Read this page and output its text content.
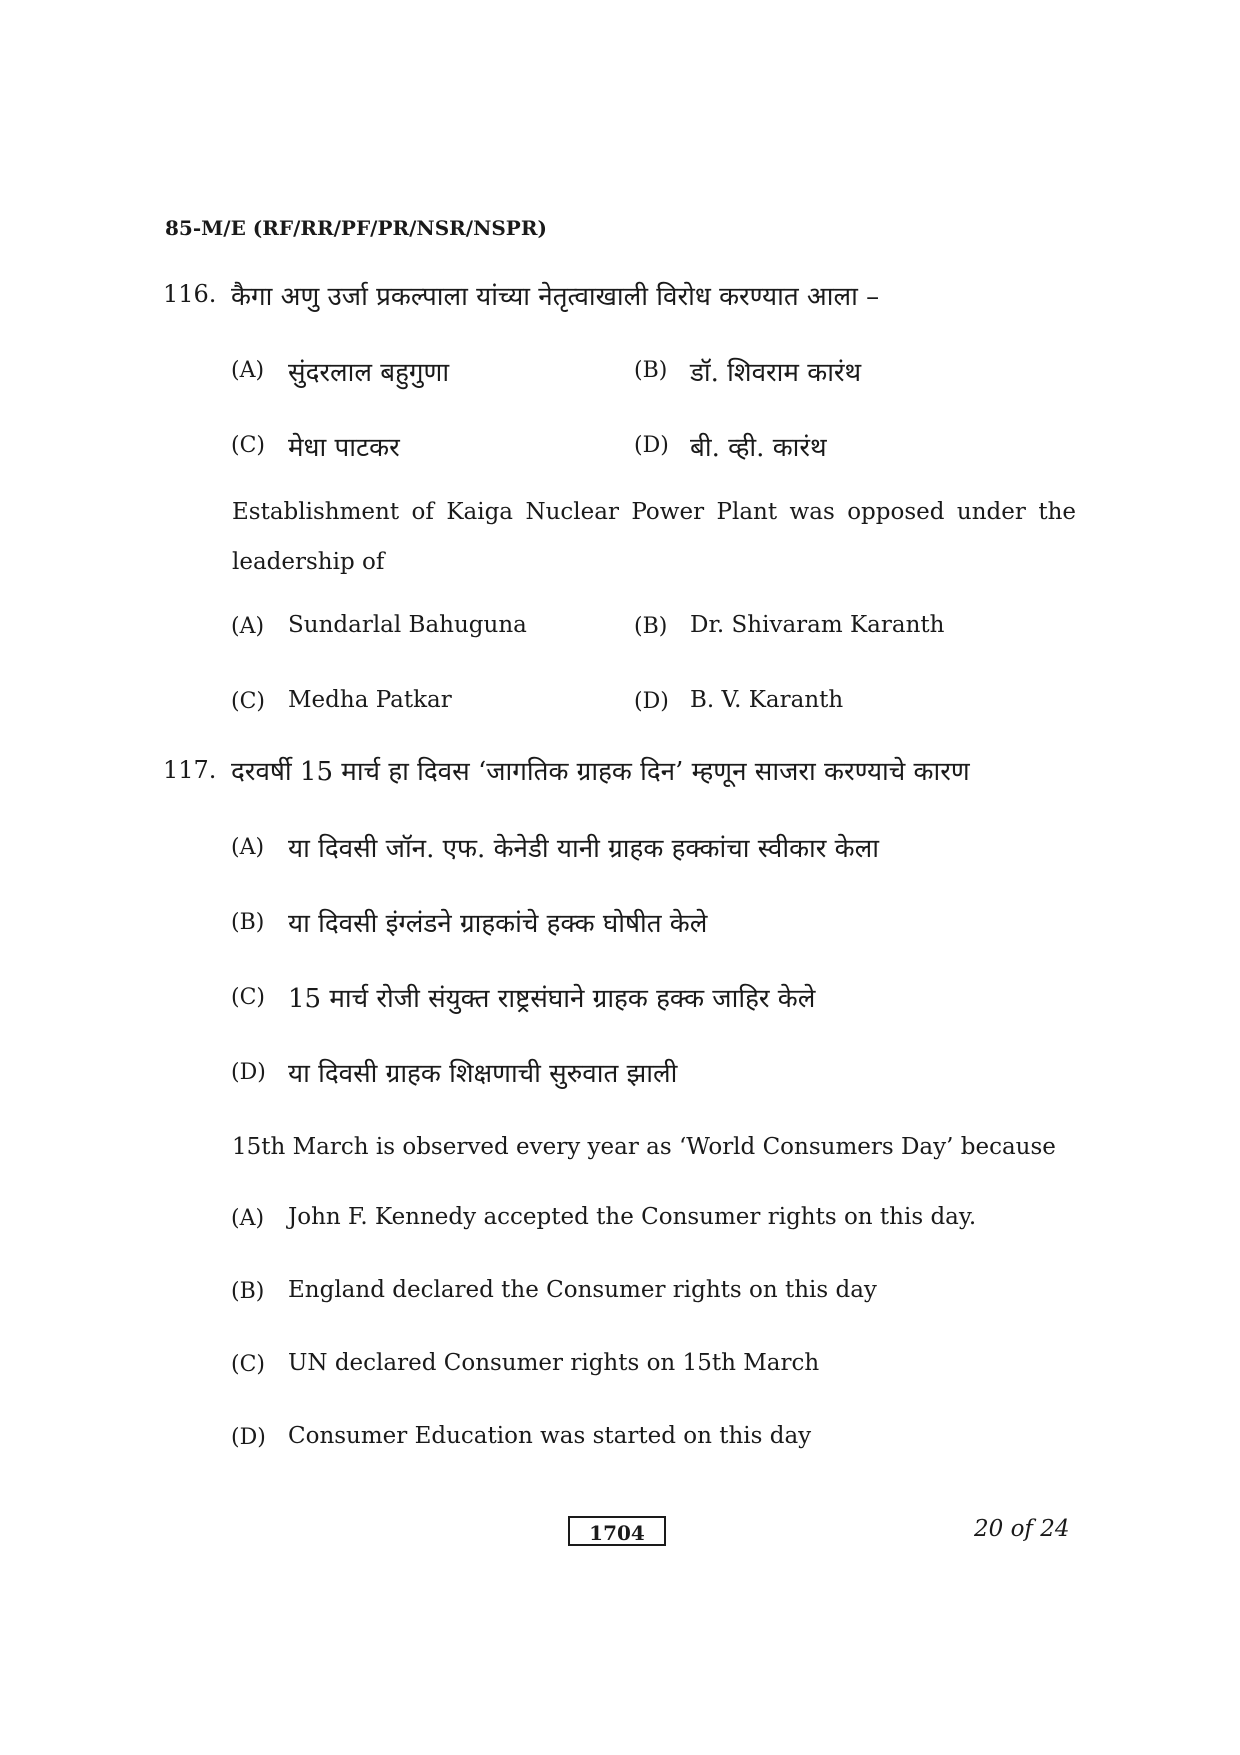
85-M/E (RF/RR/PF/PR/NSR/NSPR)
116. कैगा अणु उर्जा प्रकल्पाला यांच्या नेतृत्वाखाली विरोध करण्यात आला –
(A) सुंदरलाल बहुगुणा	(B) डॉ. शिवराम कारंथ
(C) मेधा पाटकर	(D) बी. व्ही. कारंथ
Establishment of Kaiga Nuclear Power Plant was opposed under the
leadership of
(A) Sundarlal Bahuguna	(B) Dr. Shivaram Karanth
(C) Medha Patkar	(D) B. V. Karanth
117. दरवर्षी 15 मार्च हा दिवस ‘जागतिक ग्राहक दिन’ म्हणून साजरा करण्याचे कारण
(A) या दिवसी जॉन. एफ. केनेडी यानी ग्राहक हक्कांचा स्वीकार केला
(B) या दिवसी इंग्लंडने ग्राहकांचे हक्क घोषीत केले
(C) 15 मार्च रोजी संयुक्त राष्ट्रसंघाने ग्राहक हक्क जाहिर केले
(D) या दिवसी ग्राहक शिक्षणाची सुरुवात झाली
15th March is observed every year as ‘World Consumers Day’ because
(A) John F. Kennedy accepted the Consumer rights on this day.
(B) England declared the Consumer rights on this day
(C) UN declared Consumer rights on 15th March
(D) Consumer Education was started on this day
1704	20 of 24
